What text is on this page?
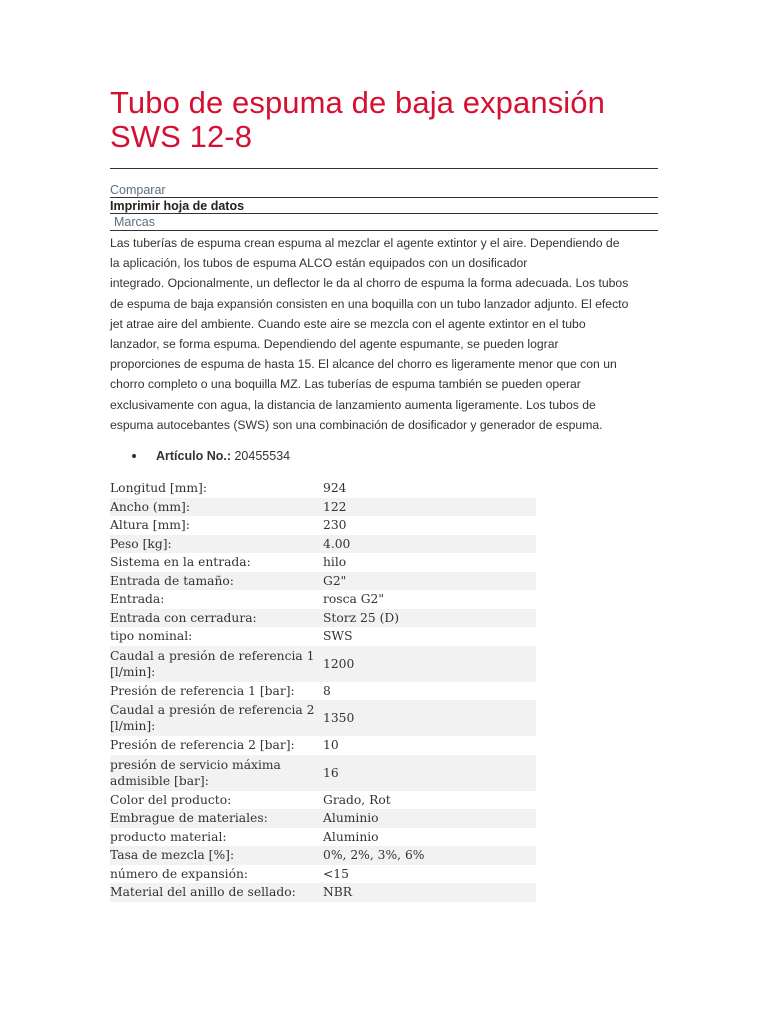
Tubo de espuma de baja expansión
SWS 12-8
Comparar
Imprimir hoja de datos
Marcas

Las tuberías de espuma crean espuma al mezclar el agente extintor y el aire. Dependiendo de
la aplicación, los tubos de espuma ALCO están equipados con un dosificador
integrado. Opcionalmente, un deflector le da al chorro de espuma la forma adecuada. Los tubos
de espuma de baja expansión consisten en una boquilla con un tubo lanzador adjunto. El efecto
jet atrae aire del ambiente. Cuando este aire se mezcla con el agente extintor en el tubo
lanzador, se forma espuma. Dependiendo del agente espumante, se pueden lograr
proporciones de espuma de hasta 15. El alcance del chorro es ligeramente menor que con un
chorro completo o una boquilla MZ. Las tuberías de espuma también se pueden operar
exclusivamente con agua, la distancia de lanzamiento aumenta ligeramente. Los tubos de
espuma autocebantes (SWS) son una combinación de dosificador y generador de espuma.

Artículo No.: 20455534
Longitud [mm]:	924
Ancho (mm]:	122
Altura [mm]:	230
Peso [kg]:	4.00
Sistema en la entrada:	hilo
Entrada de tamaño:	G2"
Entrada:	rosca G2"
Entrada con cerradura:	Storz 25 (D)
tipo nominal:	SWS
Caudal a presión de referencia 1 [l/min]:	1200
Presión de referencia 1 [bar]:	8
Caudal a presión de referencia 2 [l/min]:	1350
Presión de referencia 2 [bar]:	10
presión de servicio máxima admisible [bar]:	16
Color del producto:	Grado, Rot
Embrague de materiales:	Aluminio
producto material:	Aluminio
Tasa de mezcla [%]:	0%, 2%, 3%, 6%
número de expansión:	<15
Material del anillo de sellado:	NBR
